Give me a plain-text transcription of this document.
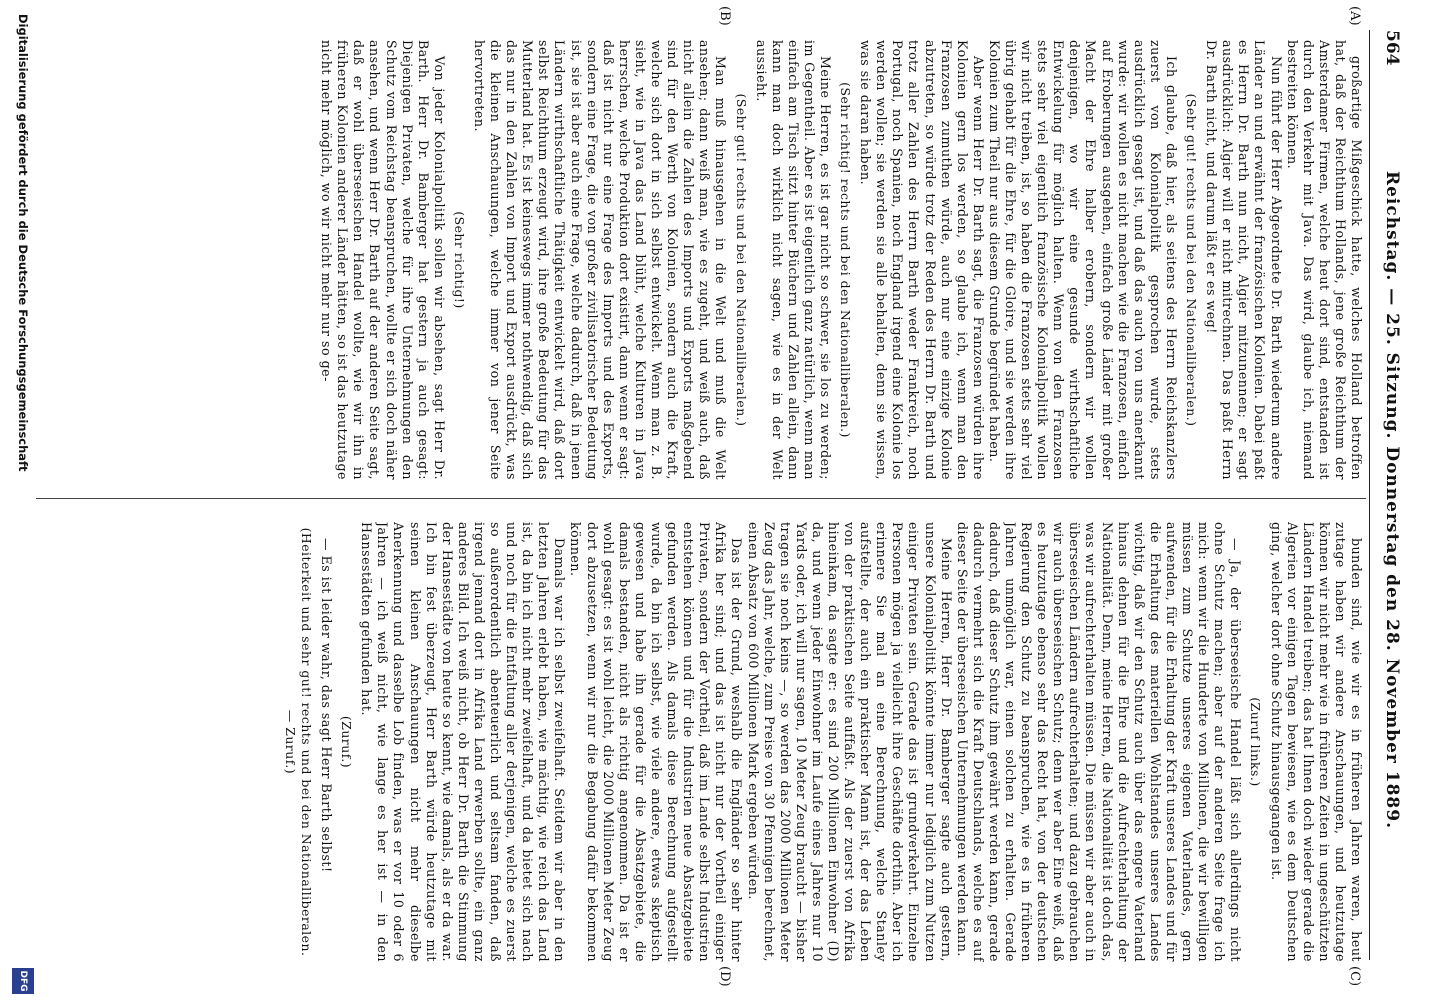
564
Reichstag. — 25. Sitzung. Donnerstag den 28. November 1889.
(A)
(B)
(C)
(D)

großartige Mißgeschick hatte, welches Holland betroffen hat, daß der Reichthum Hollands, jene große Reichthum der Amsterdamer Firmen, welche heut dort sind, entstanden ist durch den Verkehr mit Java. Das wird, glaube ich, niemand bestreiten können.

Nun führt der Herr Abgeordnete Dr. Barth wiederum andere Länder an und erwähnt der französischen Kolonien. Dabei paßt es Herrn Dr. Barth nun nicht, Algier mitzunennen; er sagt ausdrücklich: Algier will er nicht mitrechnen. Das paßt Herrn Dr. Barth nicht, und darum läßt er es weg!

(Sehr gut! rechts und bei den Nationalliberalen.)

Ich glaube, daß hier, als seitens des Herrn Reichskanzlers zuerst von Kolonialpolitik gesprochen wurde, stets ausdrücklich gesagt ist, und daß das auch von uns anerkannt wurde: wir wollen es nicht machen wie die Franzosen, einfach auf Eroberungen ausgehen, einfach große Länder mit großer Macht der Ehre halber erobern, sondern wir wollen denjenigen, wo wir eine gesunde wirthschaftliche Entwickelung für möglich halten. Wenn von den Franzosen stets sehr viel eigentlich französische Kolonialpolitik wollen wir nicht treiben, ist, so haben die Franzosen stets sehr viel übrig gehabt für die Ehre, für die Gloire, und sie werden ihre Kolonien zum Theil nur aus diesem Grunde begründet haben.

Aber wenn Herr Dr. Barth sagt, die Franzosen würden ihre Kolonien gern los werden, so glaube ich, wenn man den Franzosen zumuthen würde, auch nur eine einzige Kolonie abzutreten, so würde trotz der Reden des Herrn Dr. Barth und trotz aller Zahlen des Herrn Barth weder Frankreich, noch Portugal, noch Spanien, noch England irgend eine Kolonie los werden wollen; sie werden sie alle behalten, denn sie wissen, was sie daran haben.

(Sehr richtig! rechts und bei den Nationalliberalen.)

Meine Herren, es ist gar nicht so schwer, sie los zu werden; im Gegentheil. Aber es ist eigentlich ganz natürlich, wenn man einfach am Tisch sitzt hinter Büchern und Zahlen allein, dann kann man doch wirklich nicht sagen, wie es in der Welt aussieht.

(Sehr gut! rechts und bei den Nationalliberalen.)

Man muß hinausgehen in die Welt und muß die Welt ansehen; dann weiß man, wie es zugeht, und weiß auch, daß nicht allein die Zahlen des Imports und Exports maßgebend sind für den Werth von Kolonien, sondern auch die Kraft, welche sich dort in sich selbst entwickelt. Wenn man z. B. sieht, wie in Java das Land blüht, welche Kulturen in Java herrschen, welche Produktion dort existirt, dann wenn er sagt: daß ist nicht nur eine Frage des Imports und des Exports, sondern eine Frage, die von großer zivilisatorischer Bedeutung ist, sie ist aber auch eine Frage, welche dadurch, daß in jenen Ländern wirthschaftliche Thätigkeit entwickelt wird, daß dort selbst Reichthum erzeugt wird, ihre große Bedeutung für das Mutterland hat. Es ist keineswegs immer nothwendig, daß sich das nur in den Zahlen von Import und Export ausdrückt, was die kleinen Anschauungen, welche immer von jener Seite hervortreten.

(Sehr richtig!)

Von jeder Kolonialpolitik sollen wir absehen, sagt Herr Dr. Barth. Herr Dr. Bamberger hat gestern ja auch gesagt: Diejenigen Privaten, welche für ihre Unternehmungen den Schutz vom Reichstag beanspruchen, wollte er sich doch näher ansehen, und wenn Herr Dr. Barth auf der anderen Seite sagt, daß er wohl überseeischen Handel wollte, wie wir ihn in früheren Kolonien anderer Länder hätten, so ist das heutzutage nicht mehr möglich, wo wir nicht mehr nur so ge-

bunden sind, wie wir es in früheren Jahren waren, heut zutage haben wir andere Anschauungen, und heutzutage können wir nicht mehr wie in früheren Zeiten in ungeschützten Ländern Handel treiben; das hat Ihnen doch wieder gerade die Algerien vor einigen Tagen bewiesen, wie es dem Deutschen ging, welcher dort ohne Schutz hinausgegangen ist.

(Zuruf links.)

— Ja, der überseeische Handel läßt sich allerdings nicht ohne Schutz machen; aber auf der anderen Seite frage ich mich: wenn wir die Hunderte von Millionen, die wir bewilligen müssen zum Schutze unseres eigenen Vaterlandes, gern aufwenden, für die Erhaltung der Kraft unseres Landes und für die Erhaltung des materiellen Wohlstandes unseres Landes wichtig, daß wir den Schutz auch über das engere Vaterland hinaus dehnen für die Ehre und die Aufrechterhaltung der Nationalität. Denn, meine Herren, die Nationalität ist doch das, was wir aufrechterhalten müssen. Die müssen wir aber auch in überseeischen Ländern aufrechterhalten; und dazu gebrauchen wir auch überseeischen Schutz; denn wer aber Eine weiß, daß es heutzutage ebenso sehr das Recht hat, von der deutschen Regierung den Schutz zu beanspruchen, wie es in früheren Jahren unmöglich war, einen solchen zu erhalten. Gerade dadurch, daß dieser Schutz ihm gewährt werden kann, gerade dadurch vermehrt sich die Kraft Deutschlands, welche es auf dieser Seite der überseeischen Unternehmungen werden kann.

Meine Herren, Herr Dr. Bamberger sagte auch gestern, unsere Kolonialpolitik könnte immer nur lediglich zum Nutzen einiger Privaten sein. Gerade das ist grundverkehrt. Einzelne Personen mögen ja vielleicht ihre Geschäfte dorthin. Aber ich erinnere Sie mal an eine Berechnung, welche Stanley aufstellte, der auch ein praktischer Mann ist, der das Leben von der praktischen Seite auffaßt. Als der zuerst von Afrika hineinkam, da sagte er: es sind 200 Millionen Einwohner (D) da, und wenn jeder Einwohner im Laufe eines Jahres nur 10 Yards oder, ich will nur sagen, 10 Meter Zeug braucht — bisher tragen sie noch keins —, so werden das 2000 Millionen Meter Zeug das Jahr, welche, zum Preise von 30 Pfennigen berechnet, einen Absatz von 600 Millionen Mark ergeben würden.

Das ist der Grund, weshalb die Engländer so sehr hinter Afrika her sind; und das ist nicht nur der Vortheil einiger Privaten, sondern der Vortheil, daß im Lande selbst Industrien entstehen können und für die Industrien neue Absatzgebiete gefunden werden. Als damals diese Berechnung aufgestellt wurde, da bin ich selbst, wie viele andere, etwas skeptisch gewesen und habe ihn gerade für die Absatzgebiete, die damals bestanden, nicht als richtig angenommen. Da ist er wohl gesagt: es ist wohl leicht, die 2000 Millionen Meter Zeug dort abzusetzen, wenn wir nur die Begabung dafür bekommen können.

Damals war ich selbst zweifelhaft. Seitdem wir aber in den letzten Jahren erlebt haben, wie mächtig, wie reich das Land ist, da bin ich nicht mehr zweifelhaft, und da bietet sich nach und noch für die Entfaltung aller derjenigen, welche es zuerst so außerordentlich abenteuerlich und seltsam fanden, daß irgend jemand dort in Afrika Land erwerben sollte, ein ganz anderes Bild. Ich weiß nicht, ob Herr Dr. Barth die Stimmung der Hansestädte von heute so kennt, wie damals, als er da war. Ich bin fest überzeugt, Herr Barth würde heutzutage mit seinen kleinen Anschauungen nicht mehr dieselbe Anerkennung und dasselbe Lob finden, was er vor 10 oder 6 Jahren — ich weiß nicht, wie lange es her ist — in den Hansestädten gefunden hat.

(Zuruf.)

— Es ist leider wahr, das sagt Herr Barth selbst!

(Heiterkeit und sehr gut! rechts und bei den Nationalliberalen. — Zuruf.)

Digitalisierung gefördert durch die Deutsche Forschungsgemeinschaft
DFG
